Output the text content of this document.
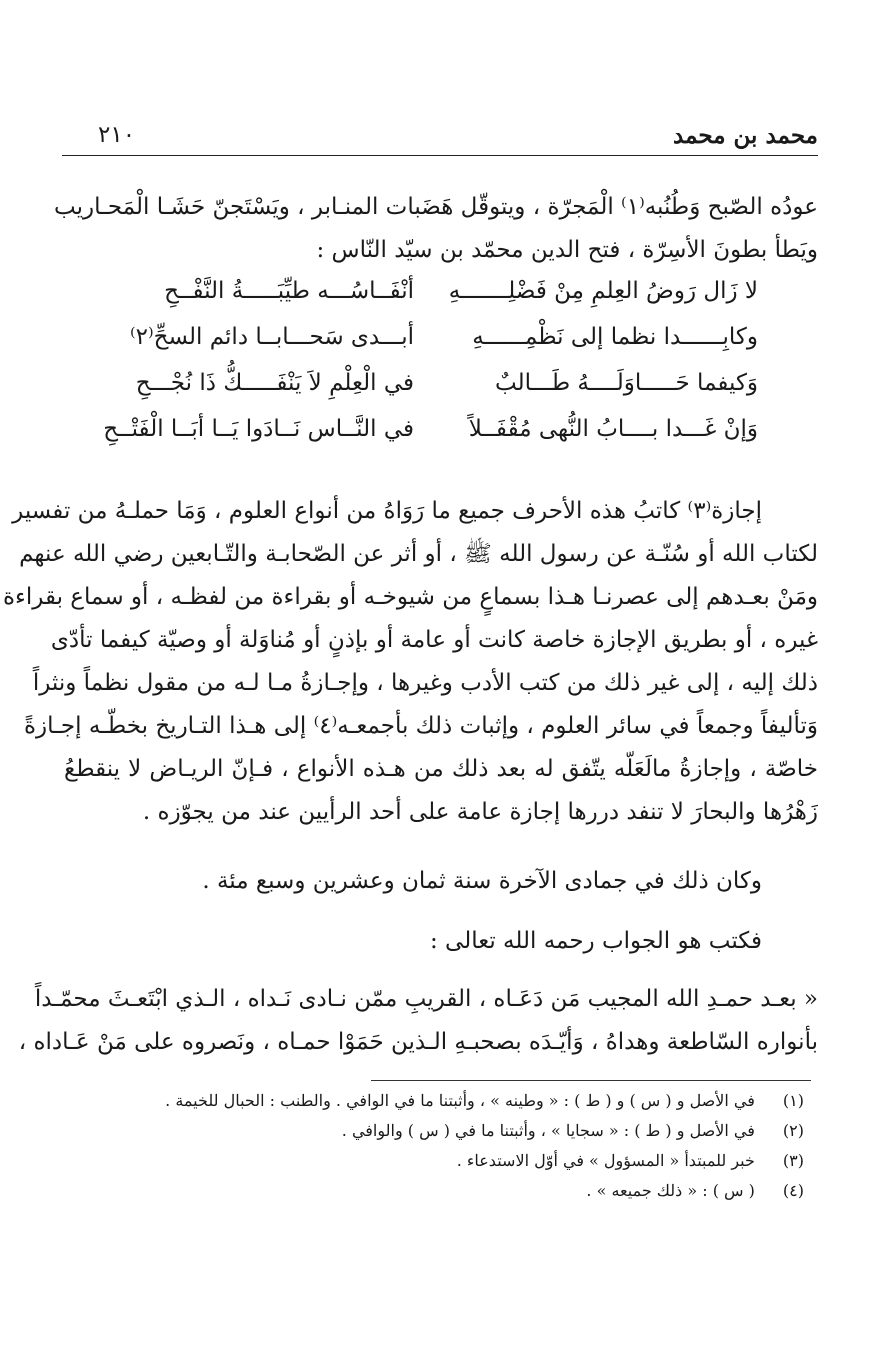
محمد بن محمد
٢١٠
عودُه الصّبح وَطُنُبه⁽١⁾ الْمَجرّة ، ويتوقّل هَضَبات المنـابر ، ويَسْتَجنّ حَشَـا الْمَحـاريب
ويَطأ بطونَ الأسِرّة ، فتح الدين محمّد بن سيّد النّاس :
لا زَال رَوضُ العِلمِ مِنْ فَضْلِـــــــهِ
أنْفَــاسُـــه طيِّبَـــــةُ النَّفْــحِ
وكابِــــــدا نظما إلى نَظْمِــــــهِ
أبـــدى سَحـــابــا دائم السحِّ⁽٢⁾
وَكيفما حَـــــاوَلَــــهُ طَـــالبٌ
في الْعِلْمِ لاَ يَنْفَـــــكُّ ذَا نُجْـــحِ
وَإنْ غَـــدا بــــابُ النُّهى مُقْفَــلاً
في النَّــاس نَــادَوا يَــا أبَــا الْفَتْــحِ
إجازة⁽٣⁾ كاتبُ هذه الأحرف جميع ما رَوَاهُ من أنواع العلوم ، وَمَا حملـهُ من تفسير
لكتاب الله أو سُنّـة عن رسول الله ﷺ ، أو أثر عن الصّحابـة والتّـابعين رضي الله عنهم
ومَنْ بعـدهم إلى عصرنـا هـذا بسماعٍ من شيوخـه أو بقراءة من لفظـه ، أو سماع بقراءة
غيره ، أو بطريق الإجازة خاصة كانت أو عامة أو بإذنٍ أو مُناوَلة أو وصيّة كيفما تأدّى
ذلك إليه ، إلى غير ذلك من كتب الأدب وغيرها ، وإجـازةُ مـا لـه من مقول نظماً ونثراً
وَتأليفاً وجمعاً في سائر العلوم ، وإثبات ذلك بأجمعـه⁽٤⁾ إلى هـذا التـاريخ بخطّـه إجـازةً
خاصّة ، وإجازةُ مالَعَلّه يتّفق له بعد ذلك من هـذه الأنواع ، فـإنّ الريـاض لا ينقطعُ
زَهْرُها والبحارَ لا تنفد دررها إجازة عامة على أحد الرأيين عند من يجوّزه .
وكان ذلك في جمادى الآخرة سنة ثمان وعشرين وسبع مئة .
فكتب هو الجواب رحمه الله تعالى :
« بعـد حمـدِ الله المجيب مَن دَعَـاه ، القريبِ ممّن نـادى نَـداه ، الـذي ابْتَعـثَ محمّـداً
بأنواره السّاطعة وهداهُ ، وَأيّـدَه بصحبـهِ الـذين حَمَوْا حمـاه ، ونَصروه على مَنْ عَـاداه ،
(١) في الأصل و ( س ) و ( ط ) : « وطينه » ، وأثبتنا ما في الوافي . والطنب : الحبال للخيمة .
(٢) في الأصل و ( ط ) : « سجايا » ، وأثبتنا ما في ( س ) والوافي .
(٣) خبر للمبتدأ « المسؤول » في أوّل الاستدعاء .
(٤) ( س ) : « ذلك جميعه » .
